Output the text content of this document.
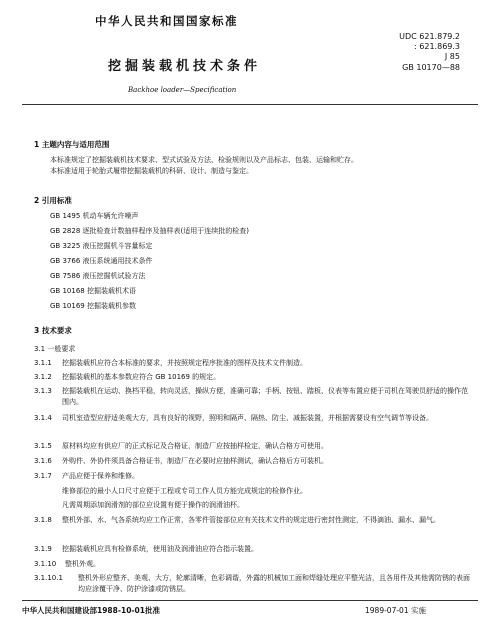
中华人民共和国国家标准
UDC 621.879.2
: 621.869.3
J 85
挖掘装载机技术条件	GB 10170—88
Backhoe loader—Specification
1 主题内容与适用范围
本标准规定了挖掘装载机技术要求、型式试验及方法、检验规则以及产品标志、包装、运输和贮存。
本标准适用于轮胎式履带挖掘装载机的科研、设计、制造与鉴定。
2 引用标准
GB 1495 机动车辆允许噪声
GB 2828 逐批检查计数抽样程序及抽样表(适用于连续批的检查)
GB 3225 液压挖掘机斗容量标定
GB 3766 液压系统通用技术条件
GB 7586 液压挖掘机试验方法
GB 10168 挖掘装载机术语
GB 10169 挖掘装载机参数
3 技术要求
3.1 一般要求
3.1.1 挖掘装载机应符合本标准的要求，并按照规定程序批准的图样及技术文件制造。
3.1.2 挖掘装载机的基本参数应符合 GB 10169 的规定。
3.1.3 挖掘装载机在运动、换档平稳，转向灵活，操纵方便，准确可靠；手柄、按钮、踏板、仪表等布置应便于司机在驾驶员舒适的操作范围内。
3.1.4 司机室造型应舒适美观大方，具有良好的视野，照明和隔声、隔热、防尘、减振装置，并根据需要设有空气调节等设备。
3.1.5 原材料均应有供应厂的正式标记及合格证，制造厂应按抽样检定，确认合格方可使用。
3.1.6 外购件、外协件须具备合格证书，制造厂在必要时应抽样测试，确认合格后方可装机。
3.1.7 产品应便于保养和维修。
维修部位的最小人口尺寸应便于工程或专司工作人员方能完成规定的检修作业。
凡需周期添加润滑剂的部位应设置有便于操作的润滑油杯。
3.1.8 整机外部、水、气各系统均应工作正常，各零件管接部位应有关技术文件的规定进行密封性测定，不得滴油、漏水、漏气。
3.1.9 挖掘装载机应具有检修系统，使用油及润滑油应符合指示装置。
3.1.10 整机外观。
3.1.10.1 整机外形应整齐、美观、大方，轮廓清晰，色彩调谐，外露的机械加工面和焊缝处理应平整光洁，且各用件及其他需防锈的表面均应涂覆干净、防护涂漆或防锈层。
中华人民共和国建设部1988-10-01批准	1989-07-01 实施
